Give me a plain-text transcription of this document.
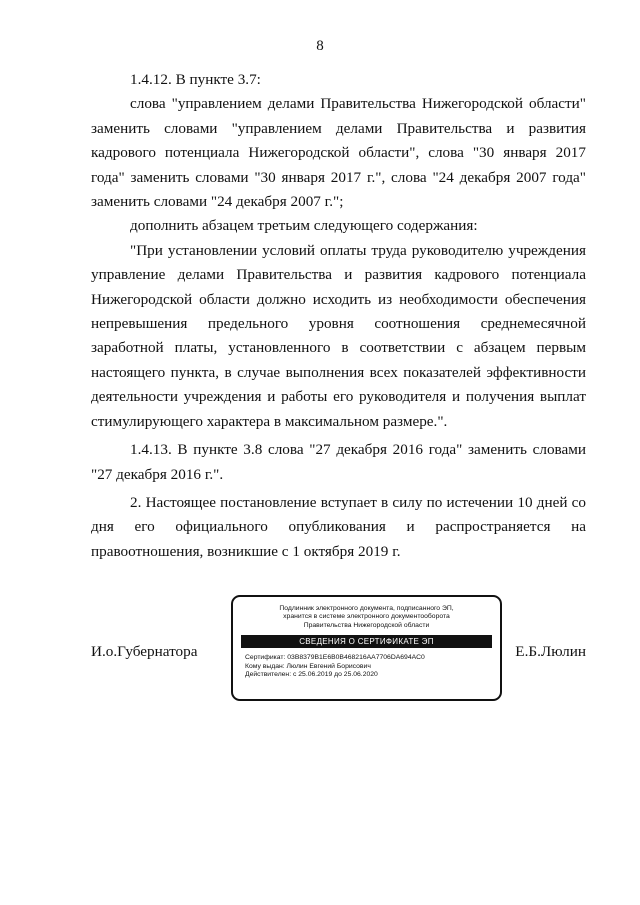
8

1.4.12. В пункте 3.7:

слова "управлением делами Правительства Нижегородской области" заменить словами "управлением делами Правительства и развития кадрового потенциала Нижегородской области", слова "30 января 2017 года" заменить словами "30 января 2017 г.", слова "24 декабря 2007 года" заменить словами "24 декабря 2007 г.";

дополнить абзацем третьим следующего содержания:

"При установлении условий оплаты труда руководителю учреждения управление делами Правительства и развития кадрового потенциала Нижегородской области должно исходить из необходимости обеспечения непревышения предельного уровня соотношения среднемесячной заработной платы, установленного в соответствии с абзацем первым настоящего пункта, в случае выполнения всех показателей эффективности деятельности учреждения и работы его руководителя и получения выплат стимулирующего характера в максимальном размере.".

1.4.13. В пункте 3.8 слова "27 декабря 2016 года" заменить словами "27 декабря 2016 г.".

2. Настоящее постановление вступает в силу по истечении 10 дней со дня его официального опубликования и распространяется на правоотношения, возникшие с 1 октября 2019 г.

И.о.Губернатора	Е.Б.Люлин
Подлинник электронного документа, подписанного ЭП,
хранится в системе электронного документооборота
Правительства Нижегородской области
СВЕДЕНИЯ О СЕРТИФИКАТЕ ЭП
Сертификат: 03B8379B1E6B0B468216AA7706DA694AC0
Кому выдан: Люлин Евгений Борисович
Действителен: с 25.06.2019 до 25.06.2020
